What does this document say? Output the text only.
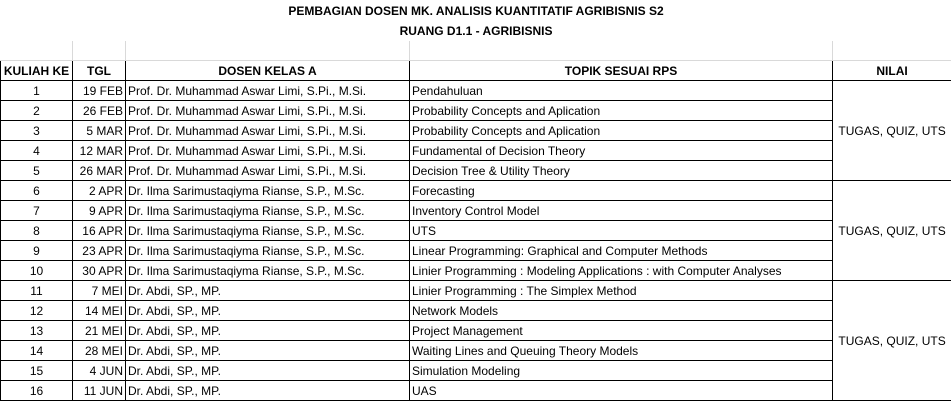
PEMBAGIAN DOSEN MK. ANALISIS KUANTITATIF AGRIBISNIS S2				
RUANG D1.1 - AGRIBISNIS				

KULIAH KE	TGL	DOSEN KELAS A	TOPIK SESUAI RPS	NILAI
1	19 FEB	Prof. Dr. Muhammad Aswar Limi, S.Pi., M.Si.	Pendahuluan	TUGAS, QUIZ, UTS
2	26 FEB	Prof. Dr. Muhammad Aswar Limi, S.Pi., M.Si.	Probability Concepts and Aplication	
3	5 MAR	Prof. Dr. Muhammad Aswar Limi, S.Pi., M.Si.	Probability Concepts and Aplication	
4	12 MAR	Prof. Dr. Muhammad Aswar Limi, S.Pi., M.Si.	Fundamental of Decision Theory	
5	26 MAR	Prof. Dr. Muhammad Aswar Limi, S.Pi., M.Si.	Decision Tree & Utility Theory	
6	2 APR	Dr. Ilma Sarimustaqiyma Rianse, S.P., M.Sc.	Forecasting	TUGAS, QUIZ, UTS
7	9 APR	Dr. Ilma Sarimustaqiyma Rianse, S.P., M.Sc.	Inventory Control Model	
8	16 APR	Dr. Ilma Sarimustaqiyma Rianse, S.P., M.Sc.	UTS	
9	23 APR	Dr. Ilma Sarimustaqiyma Rianse, S.P., M.Sc.	Linear Programming: Graphical and Computer Methods	
10	30 APR	Dr. Ilma Sarimustaqiyma Rianse, S.P., M.Sc.	Linier Programming : Modeling Applications : with Computer Analyses	
11	7 MEI	Dr. Abdi, SP., MP.	Linier Programming : The Simplex Method	TUGAS, QUIZ, UTS
12	14 MEI	Dr. Abdi, SP., MP.	Network Models	
13	21 MEI	Dr. Abdi, SP., MP.	Project Management	
14	28 MEI	Dr. Abdi, SP., MP.	Waiting Lines and Queuing Theory Models	
15	4 JUN	Dr. Abdi, SP., MP.	Simulation Modeling	
16	11 JUN	Dr. Abdi, SP., MP.	UAS	
